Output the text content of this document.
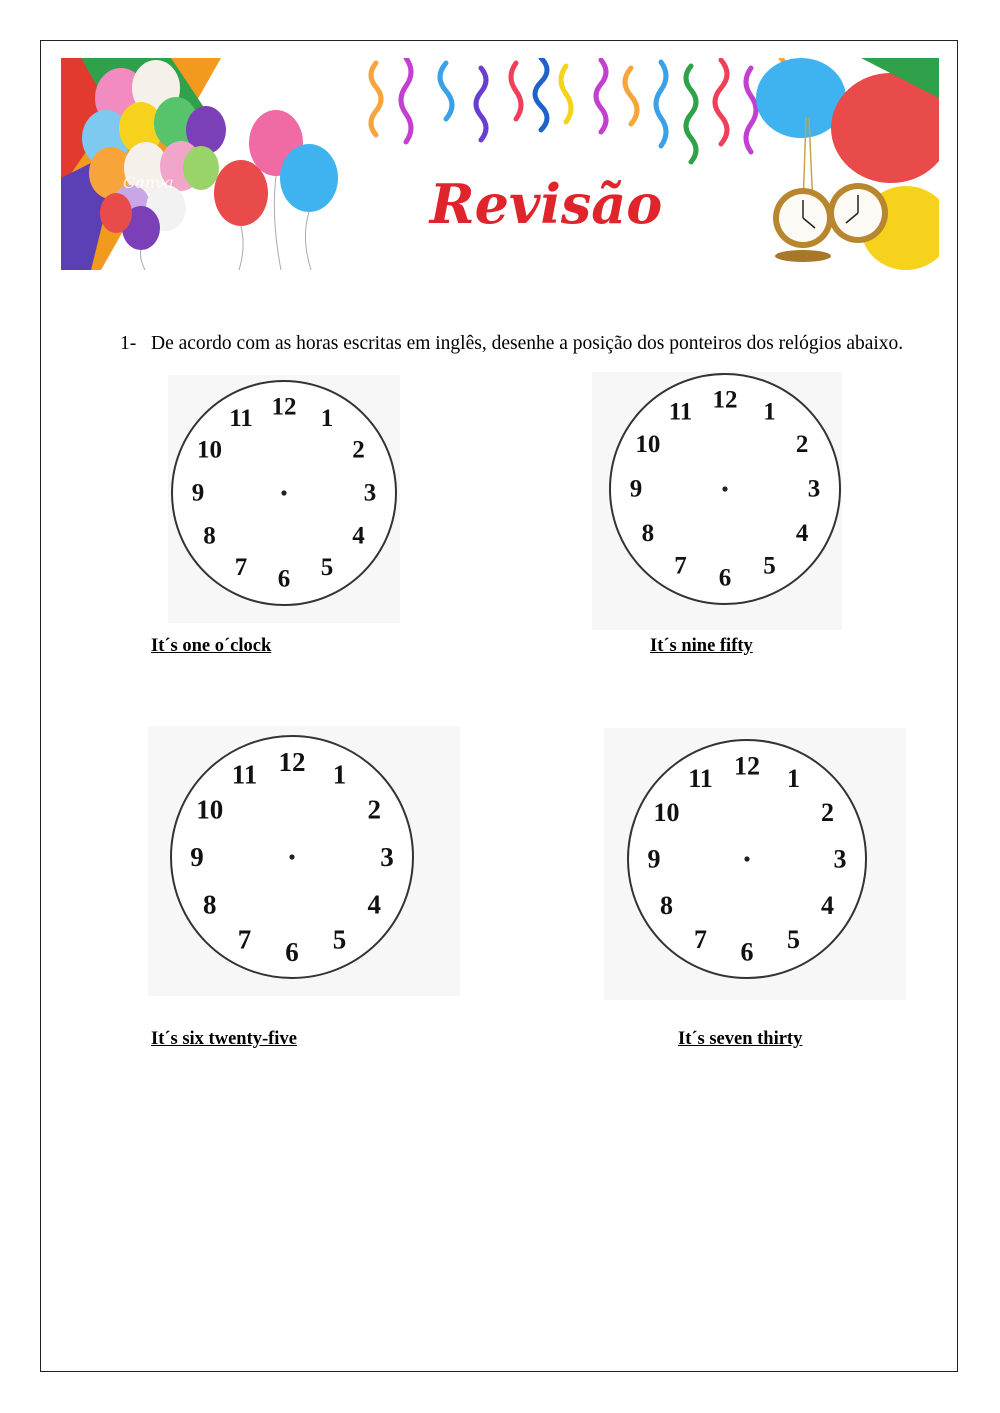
Canva	Revisão
1- De acordo com as horas escritas em inglês, desenhe a posição dos ponteiros dos relógios abaixo.
12 1
2
3
4
5
6
7
8
9
10
11
12 1
2
3
4
5
6
7
8
9
10
11
12 1
2
3
4
5
6
7
8
9
10
11	12 1
2
3
4
5
6
7
8
9
10
11
It´s one o´clock	It´s nine fifty
It´s six twenty-five	It´s seven thirty
